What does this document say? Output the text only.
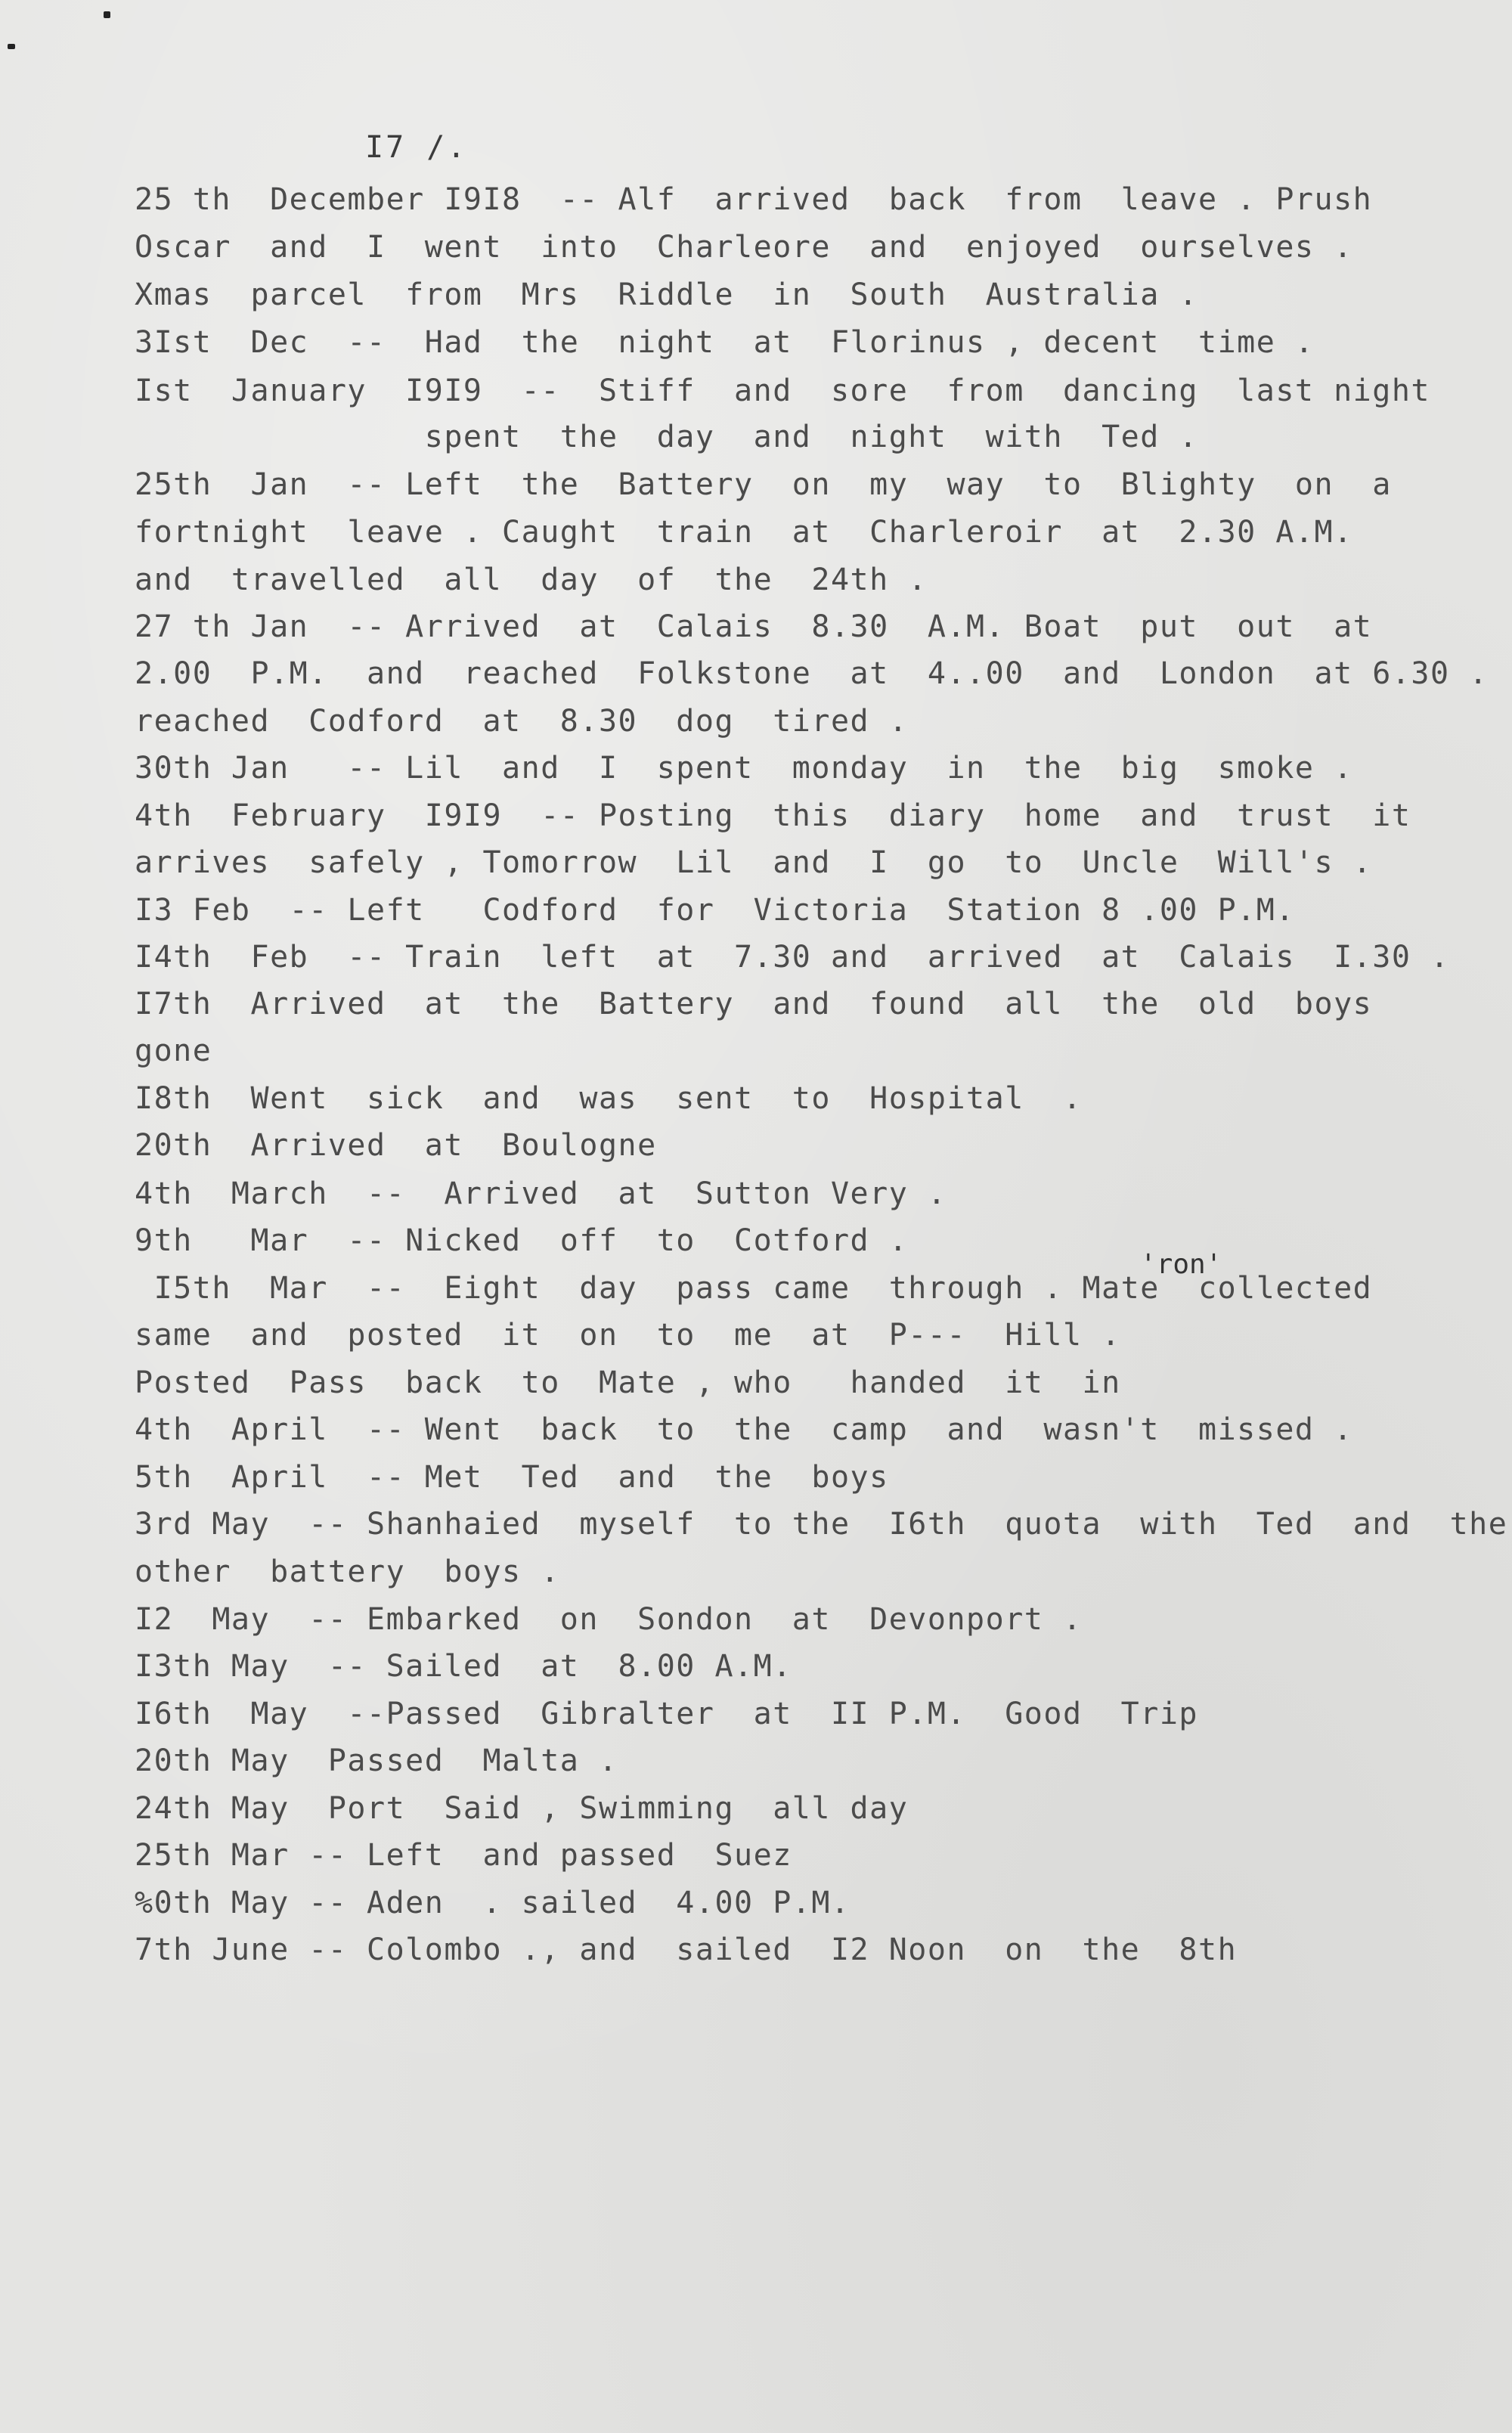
I7 /.
'ron'
25 th  December I9I8  -- Alf  arrived  back  from  leave . Prush
Oscar  and  I  went  into  Charleore  and  enjoyed  ourselves .
Xmas  parcel  from  Mrs  Riddle  in  South  Australia .
3Ist  Dec  --  Had  the  night  at  Florinus , decent  time .
Ist  January  I9I9  --  Stiff  and  sore  from  dancing  last night
spent  the  day  and  night  with  Ted .
25th  Jan  -- Left  the  Battery  on  my  way  to  Blighty  on  a
fortnight  leave . Caught  train  at  Charleroir  at  2.30 A.M.
and  travelled  all  day  of  the  24th .
27 th Jan  -- Arrived  at  Calais  8.30  A.M. Boat  put  out  at
2.00  P.M.  and  reached  Folkstone  at  4..00  and  London  at 6.30 .
reached  Codford  at  8.30  dog  tired .
30th Jan   -- Lil  and  I  spent  monday  in  the  big  smoke .
4th  February  I9I9  -- Posting  this  diary  home  and  trust  it
arrives  safely , Tomorrow  Lil  and  I  go  to  Uncle  Will's .
I3 Feb  -- Left   Codford  for  Victoria  Station 8 .00 P.M.
I4th  Feb  -- Train  left  at  7.30 and  arrived  at  Calais  I.30 .
I7th  Arrived  at  the  Battery  and  found  all  the  old  boys
gone
I8th  Went  sick  and  was  sent  to  Hospital  .
20th  Arrived  at  Boulogne
4th  March  --  Arrived  at  Sutton Very .
9th   Mar  -- Nicked  off  to  Cotford .
I5th  Mar  --  Eight  day  pass came  through . Mate  collected
same  and  posted  it  on  to  me  at  P---  Hill .
Posted  Pass  back  to  Mate , who   handed  it  in
4th  April  -- Went  back  to  the  camp  and  wasn't  missed .
5th  April  -- Met  Ted  and  the  boys
3rd May  -- Shanhaied  myself  to the  I6th  quota  with  Ted  and  the
other  battery  boys .
I2  May  -- Embarked  on  Sondon  at  Devonport .
I3th May  -- Sailed  at  8.00 A.M.
I6th  May  --Passed  Gibralter  at  II P.M.  Good  Trip
20th May  Passed  Malta .
24th May  Port  Said , Swimming  all day
25th Mar -- Left  and passed  Suez
%0th May -- Aden  . sailed  4.00 P.M.
7th June -- Colombo ., and  sailed  I2 Noon  on  the  8th
